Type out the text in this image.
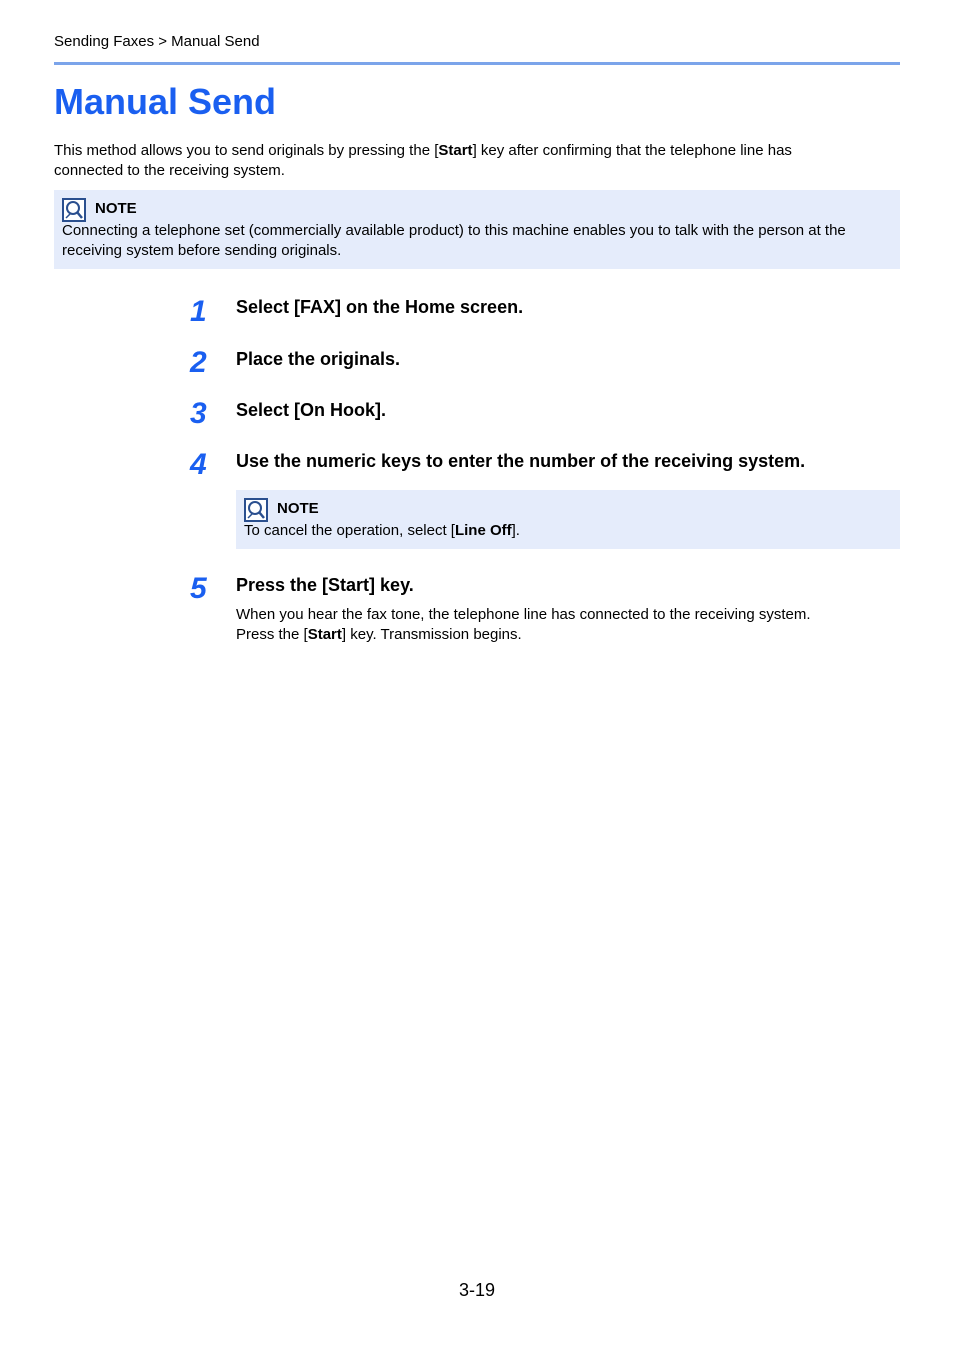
Sending Faxes > Manual Send
Manual Send
This method allows you to send originals by pressing the [Start] key after confirming that the telephone line has connected to the receiving system.
NOTE
Connecting a telephone set (commercially available product) to this machine enables you to talk with the person at the receiving system before sending originals.
1	Select [FAX] on the Home screen.
2	Place the originals.
3	Select [On Hook].
4	Use the numeric keys to enter the number of the receiving system.
NOTE
To cancel the operation, select [Line Off].
5	Press the [Start] key.
When you hear the fax tone, the telephone line has connected to the receiving system.
Press the [Start] key. Transmission begins.
3-19
